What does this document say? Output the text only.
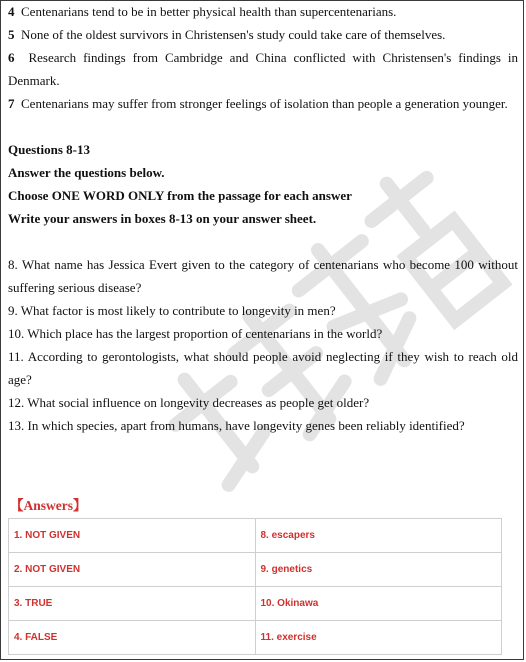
4 Centenarians tend to be in better physical health than supercentenarians.
5 None of the oldest survivors in Christensen's study could take care of themselves.
6 Research findings from Cambridge and China conflicted with Christensen's findings in Denmark.
7 Centenarians may suffer from stronger feelings of isolation than people a generation younger.
Questions 8-13
Answer the questions below.
Choose ONE WORD ONLY from the passage for each answer
Write your answers in boxes 8-13 on your answer sheet.
8. What name has Jessica Evert given to the category of centenarians who become 100 without suffering serious disease?
9. What factor is most likely to contribute to longevity in men?
10. Which place has the largest proportion of centenarians in the world?
11. According to gerontologists, what should people avoid neglecting if they wish to reach old age?
12. What social influence on longevity decreases as people get older?
13. In which species, apart from humans, have longevity genes been reliably identified?
【Answers】
1. NOT GIVEN	8. escapers
2. NOT GIVEN	9. genetics
3. TRUE	10. Okinawa
4. FALSE	11. exercise
